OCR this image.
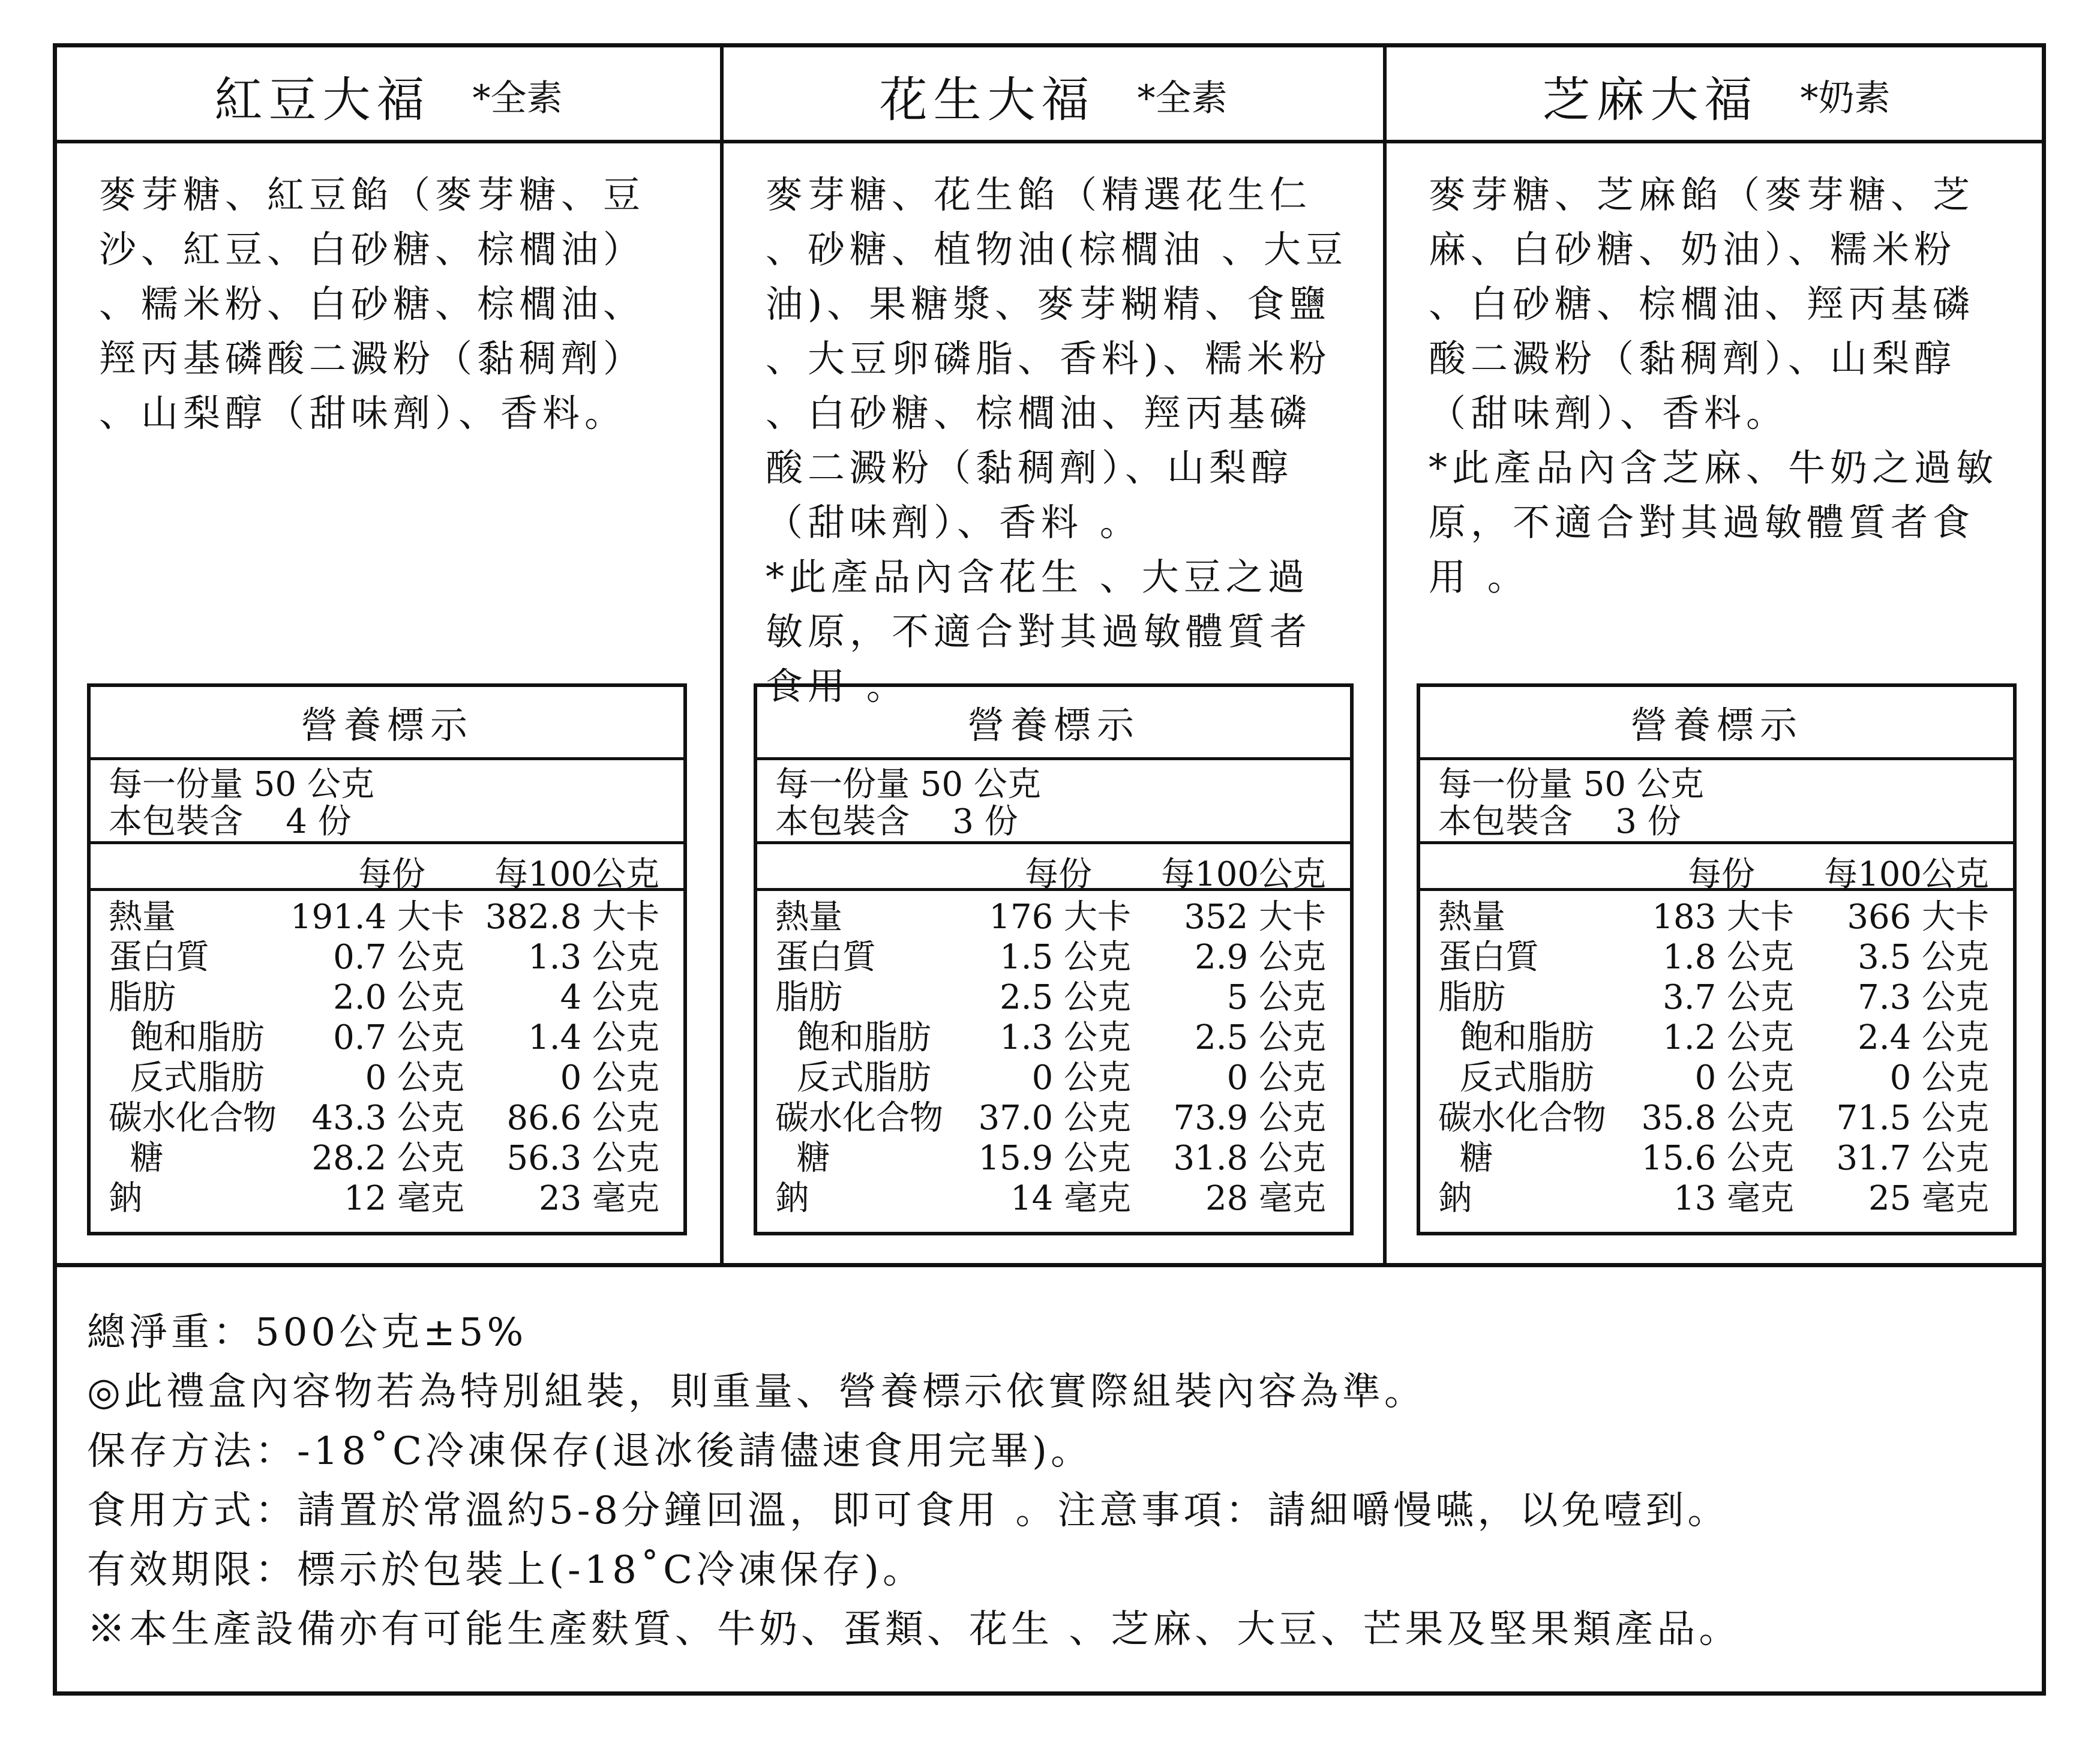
紅豆大福 *全素

麥芽糖、紅豆餡（麥芽糖、豆

沙、紅豆、白砂糖、棕櫚油）

、糯米粉、白砂糖、棕櫚油、

羥丙基磷酸二澱粉（黏稠劑）

、山梨醇（甜味劑）、香料。

營養標示
每一份量 50 公克
本包裝含    4 份
每份 每100公克
熱量	191.4 大卡 382.8 大卡
蛋白質	0.7 公克 1.3 公克
脂肪	2.0 公克	4 公克
飽和脂肪 0.7 公克 1.4 公克
反式脂肪	0 公克	0 公克
碳水化合物 43.3 公克 86.6 公克
糖	28.2 公克 56.3 公克
鈉	12 毫克 23 毫克
花生大福 *全素

麥芽糖、花生餡（精選花生仁

、砂糖、植物油(棕櫚油 、大豆

油)、果糖漿、麥芽糊精、食鹽

、大豆卵磷脂、香料)、糯米粉

、白砂糖、棕櫚油、羥丙基磷

酸二澱粉（黏稠劑）、山梨醇

（甜味劑）、香料 。

*此產品內含花生 、大豆之過

敏原，不適合對其過敏體質者

食用 。

營養標示
每一份量 50 公克
本包裝含    3 份
每份 每100公克
熱量	176 大卡 352 大卡
蛋白質	1.5 公克 2.9 公克
脂肪	2.5 公克	5 公克
飽和脂肪 1.3 公克 2.5 公克
反式脂肪	0 公克	0 公克
碳水化合物 37.0 公克 73.9 公克
糖	15.9 公克 31.8 公克
鈉	14 毫克 28 毫克
芝麻大福 *奶素

麥芽糖、芝麻餡（麥芽糖、芝

麻、白砂糖、奶油）、糯米粉

、白砂糖、棕櫚油、羥丙基磷

酸二澱粉（黏稠劑）、山梨醇

（甜味劑）、香料。

*此產品內含芝麻、牛奶之過敏

原，不適合對其過敏體質者食

用 。

營養標示
每一份量 50 公克
本包裝含    3 份
每份 每100公克
熱量	183 大卡 366 大卡
蛋白質	1.8 公克 3.5 公克
脂肪	3.7 公克 7.3 公克
飽和脂肪 1.2 公克 2.4 公克
反式脂肪	0 公克	0 公克
碳水化合物 35.8 公克 71.5 公克
糖	15.6 公克 31.7 公克
鈉	13 毫克 25 毫克
總淨重：500公克±5%
◎此禮盒內容物若為特別組裝，則重量、營養標示依實際組裝內容為準。
保存方法：-18˚C冷凍保存(退冰後請儘速食用完畢)。
食用方式：請置於常溫約5-8分鐘回溫，即可食用 。注意事項：請細嚼慢嚥，以免噎到。
有效期限：標示於包裝上(-18˚C冷凍保存)。
※本生產設備亦有可能生產麩質、牛奶、蛋類、花生 、芝麻、大豆、芒果及堅果類產品。
